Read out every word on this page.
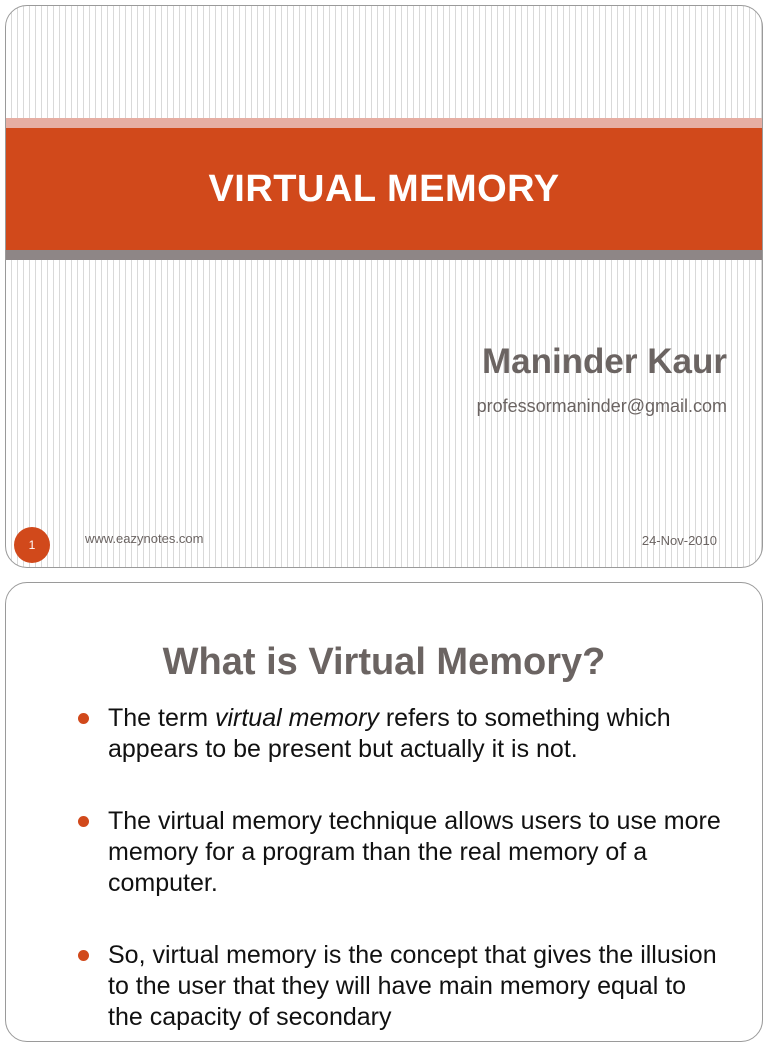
VIRTUAL MEMORY
Maninder Kaur
professormaninder@gmail.com
1	www.eazynotes.com	24-Nov-2010
What is Virtual Memory?
The term virtual memory refers to something which appears to be present but actually it is not.
The virtual memory technique allows users to use more memory for a program than the real memory of a computer.
So, virtual memory is the concept that gives the illusion to the user that they will have main memory equal to the capacity of secondary
